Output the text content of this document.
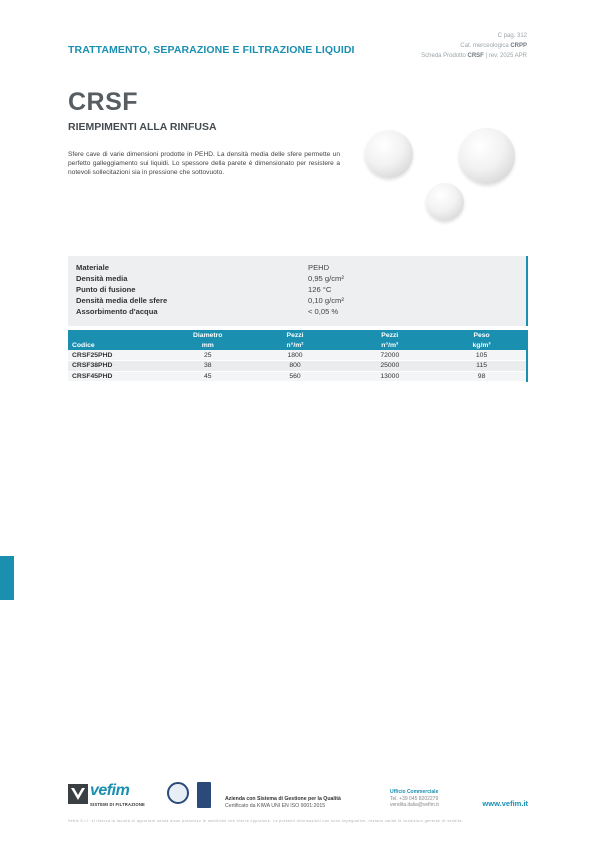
TRATTAMENTO, SEPARAZIONE E FILTRAZIONE LIQUIDI
C pag. 312
Cat. merceologica CRPP
Scheda Prodotto CRSF | rev. 2025 APR
CRSF
RIEMPIMENTI ALLA RINFUSA
Sfere cave di varie dimensioni prodotte in PEHD. La densità media delle sfere permette un perfetto galleggiamento sui liquidi. Lo spessore della parete è dimensionato per resistere a notevoli sollecitazioni sia in pressione che sottovuoto.
Materiale	PEHD
Densità media	0,95 g/cm²
Punto di fusione	126 °C
Densità media delle sfere	0,10 g/cm²
Assorbimento d'acqua	< 0,05 %
	Diametro	Pezzi	Pezzi	Peso
Codice	mm	n°/m²	n°/m³	kg/m³
CRSF25PHD	25	1800	72000	105
CRSF38PHD	38	800	25000	115
CRSF45PHD	45	560	13000	98
vefim
SISTEMI DI FILTRAZIONE
Azienda con Sistema di Gestione per la Qualità
Certificato da KIWA UNI EN ISO 9001:2015
Ufficio Commerciale
Tel. +39 045 8202279
vendita.italia@vefim.it	www.vefim.it
Vefim S.r.l. si riserva la facoltà di apportare senza alcun preavviso le modifiche che riterrà opportune. Le presenti informazioni non sono impegnative, restano valide le condizioni generali di vendita.
